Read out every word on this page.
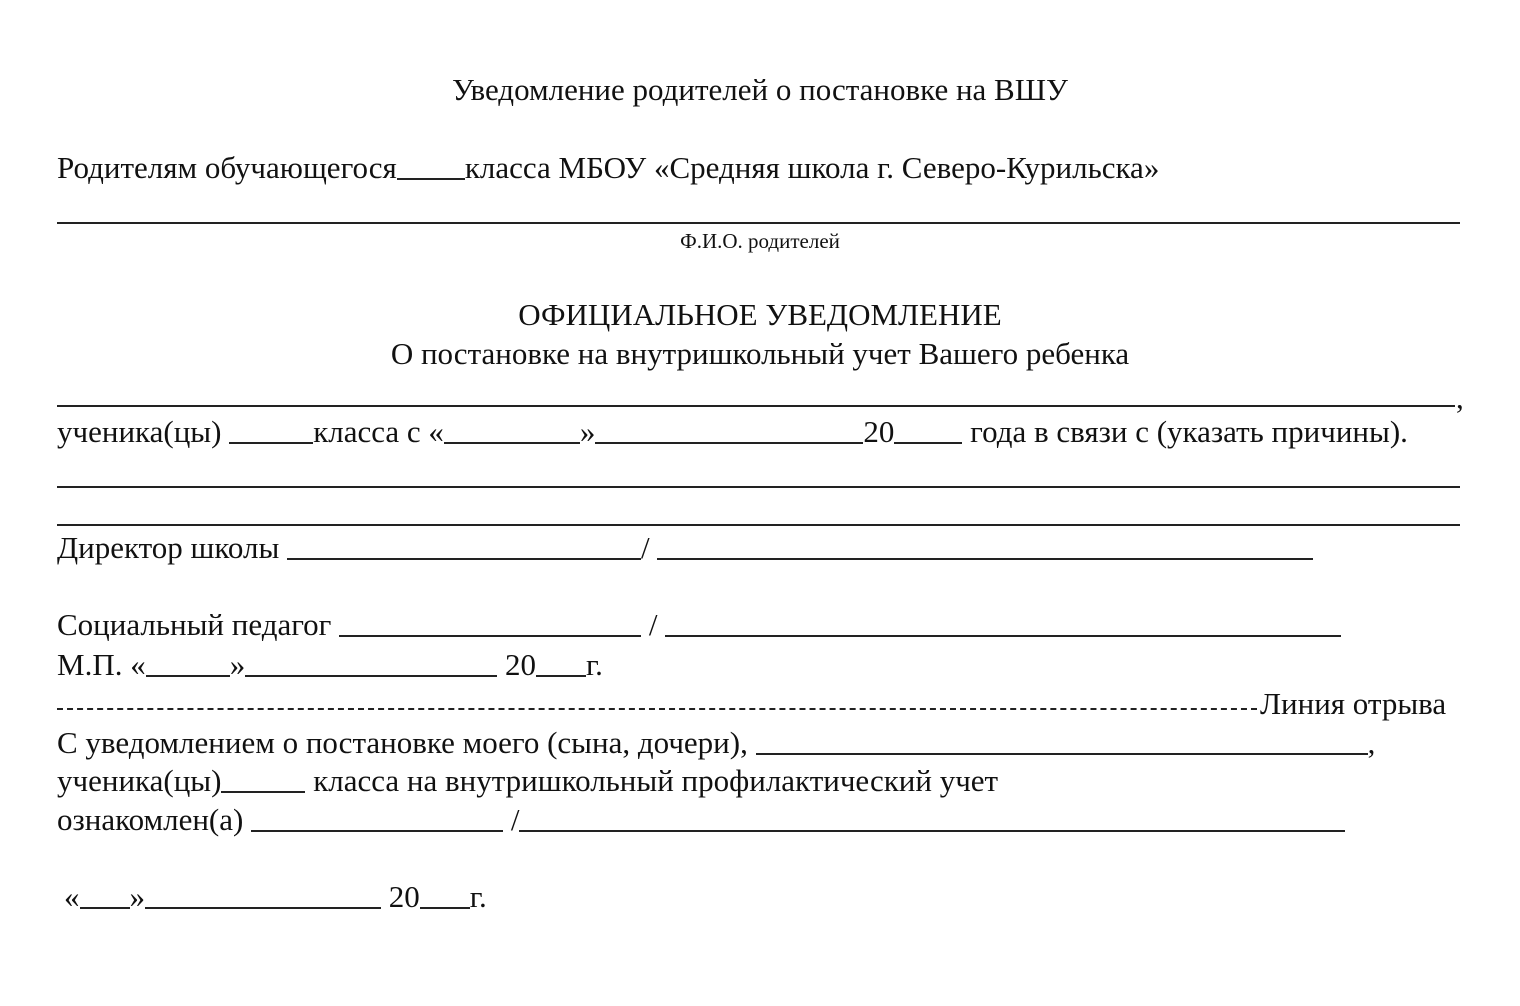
Уведомление родителей о постановке на ВШУ
Родителям обучающегося класса МБОУ «Средняя школа г. Северо-Курильска»
Ф.И.О. родителей
ОФИЦИАЛЬНОЕ УВЕДОМЛЕНИЕ
О постановке на внутришкольный учет Вашего ребенка
,
ученика(цы)	класса с «	»	20 года в связи с (указать причины).
Директор школы	/
Социальный педагог	/
М.П. «	»	20 г.
Линия отрыва
С уведомлением о постановке моего (сына, дочери),	,
ученика(цы)	класса на внутришкольный профилактический учет
ознакомлен(а)	/
« »	20 г.
